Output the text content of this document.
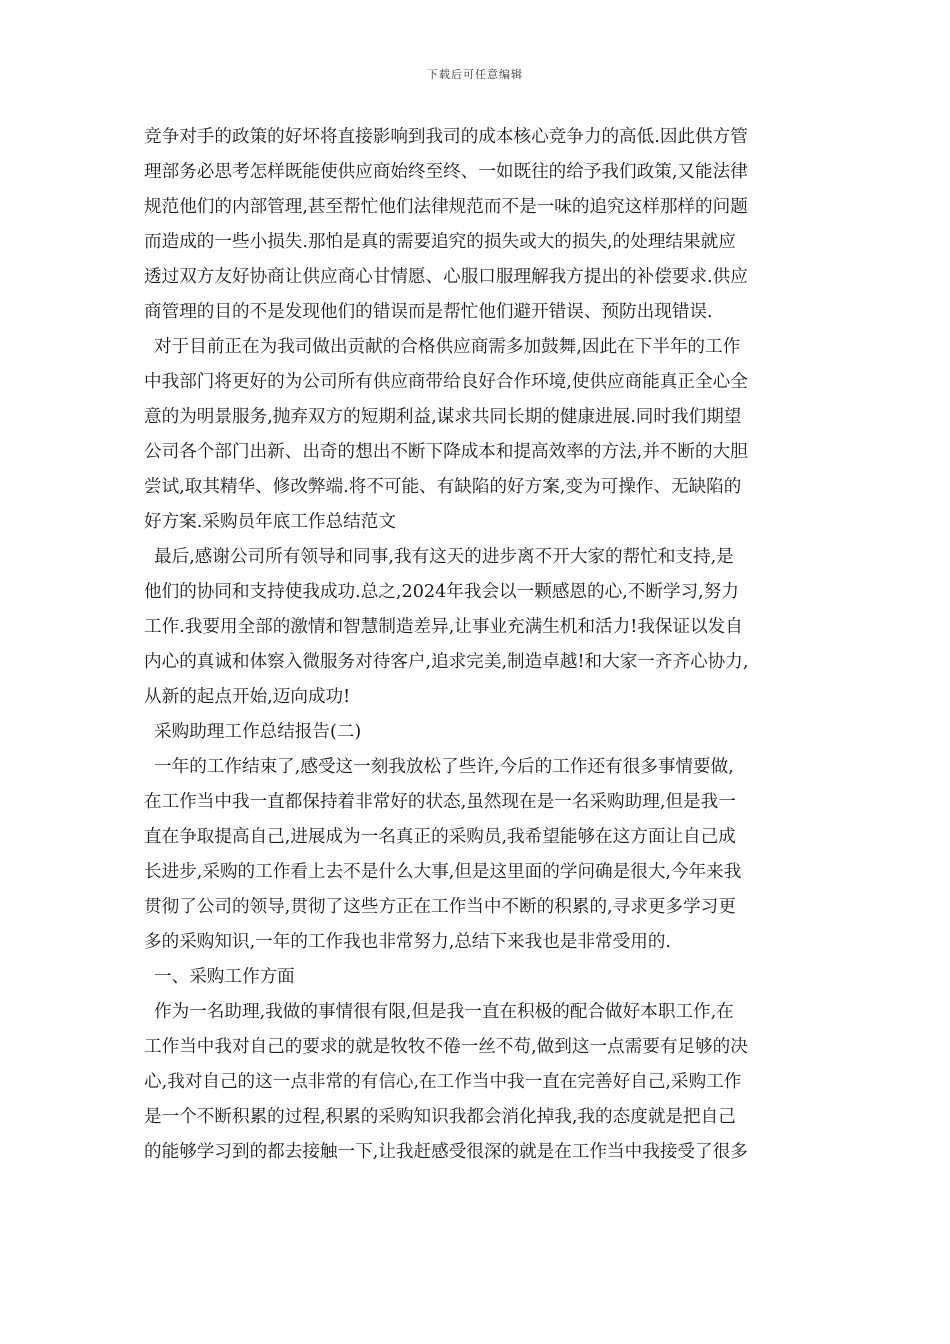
下载后可任意编辑
竞争对手的政策的好坏将直接影响到我司的成本核心竞争力的高低.因此供方管
理部务必思考怎样既能使供应商始终至终、一如既往的给予我们政策,又能法律
规范他们的内部管理,甚至帮忙他们法律规范而不是一味的追究这样那样的问题
而造成的一些小损失.那怕是真的需要追究的损失或大的损失,的处理结果就应
透过双方友好协商让供应商心甘情愿、心服口服理解我方提出的补偿要求.供应
商管理的目的不是发现他们的错误而是帮忙他们避开错误、预防出现错误.
对于目前正在为我司做出贡献的合格供应商需多加鼓舞,因此在下半年的工作
中我部门将更好的为公司所有供应商带给良好合作环境,使供应商能真正全心全
意的为明景服务,抛弃双方的短期利益,谋求共同长期的健康进展.同时我们期望
公司各个部门出新、出奇的想出不断下降成本和提高效率的方法,并不断的大胆
尝试,取其精华、修改弊端.将不可能、有缺陷的好方案,变为可操作、无缺陷的
好方案.采购员年底工作总结范文
最后,感谢公司所有领导和同事,我有这天的进步离不开大家的帮忙和支持,是
他们的协同和支持使我成功.总之,2024年我会以一颗感恩的心,不断学习,努力
工作.我要用全部的激情和智慧制造差异,让事业充满生机和活力!我保证以发自
内心的真诚和体察入微服务对待客户,追求完美,制造卓越!和大家一齐齐心协力,
从新的起点开始,迈向成功!
采购助理工作总结报告(二)
一年的工作结束了,感受这一刻我放松了些许,今后的工作还有很多事情要做,
在工作当中我一直都保持着非常好的状态,虽然现在是一名采购助理,但是我一
直在争取提高自己,进展成为一名真正的采购员,我希望能够在这方面让自己成
长进步,采购的工作看上去不是什么大事,但是这里面的学问确是很大,今年来我
贯彻了公司的领导,贯彻了这些方正在工作当中不断的积累的,寻求更多学习更
多的采购知识,一年的工作我也非常努力,总结下来我也是非常受用的.
一、采购工作方面
作为一名助理,我做的事情很有限,但是我一直在积极的配合做好本职工作,在
工作当中我对自己的要求的就是牧牧不倦一丝不苟,做到这一点需要有足够的决
心,我对自己的这一点非常的有信心,在工作当中我一直在完善好自己,采购工作
是一个不断积累的过程,积累的采购知识我都会消化掉我,我的态度就是把自己
的能够学习到的都去接触一下,让我赶感受很深的就是在工作当中我接受了很多
